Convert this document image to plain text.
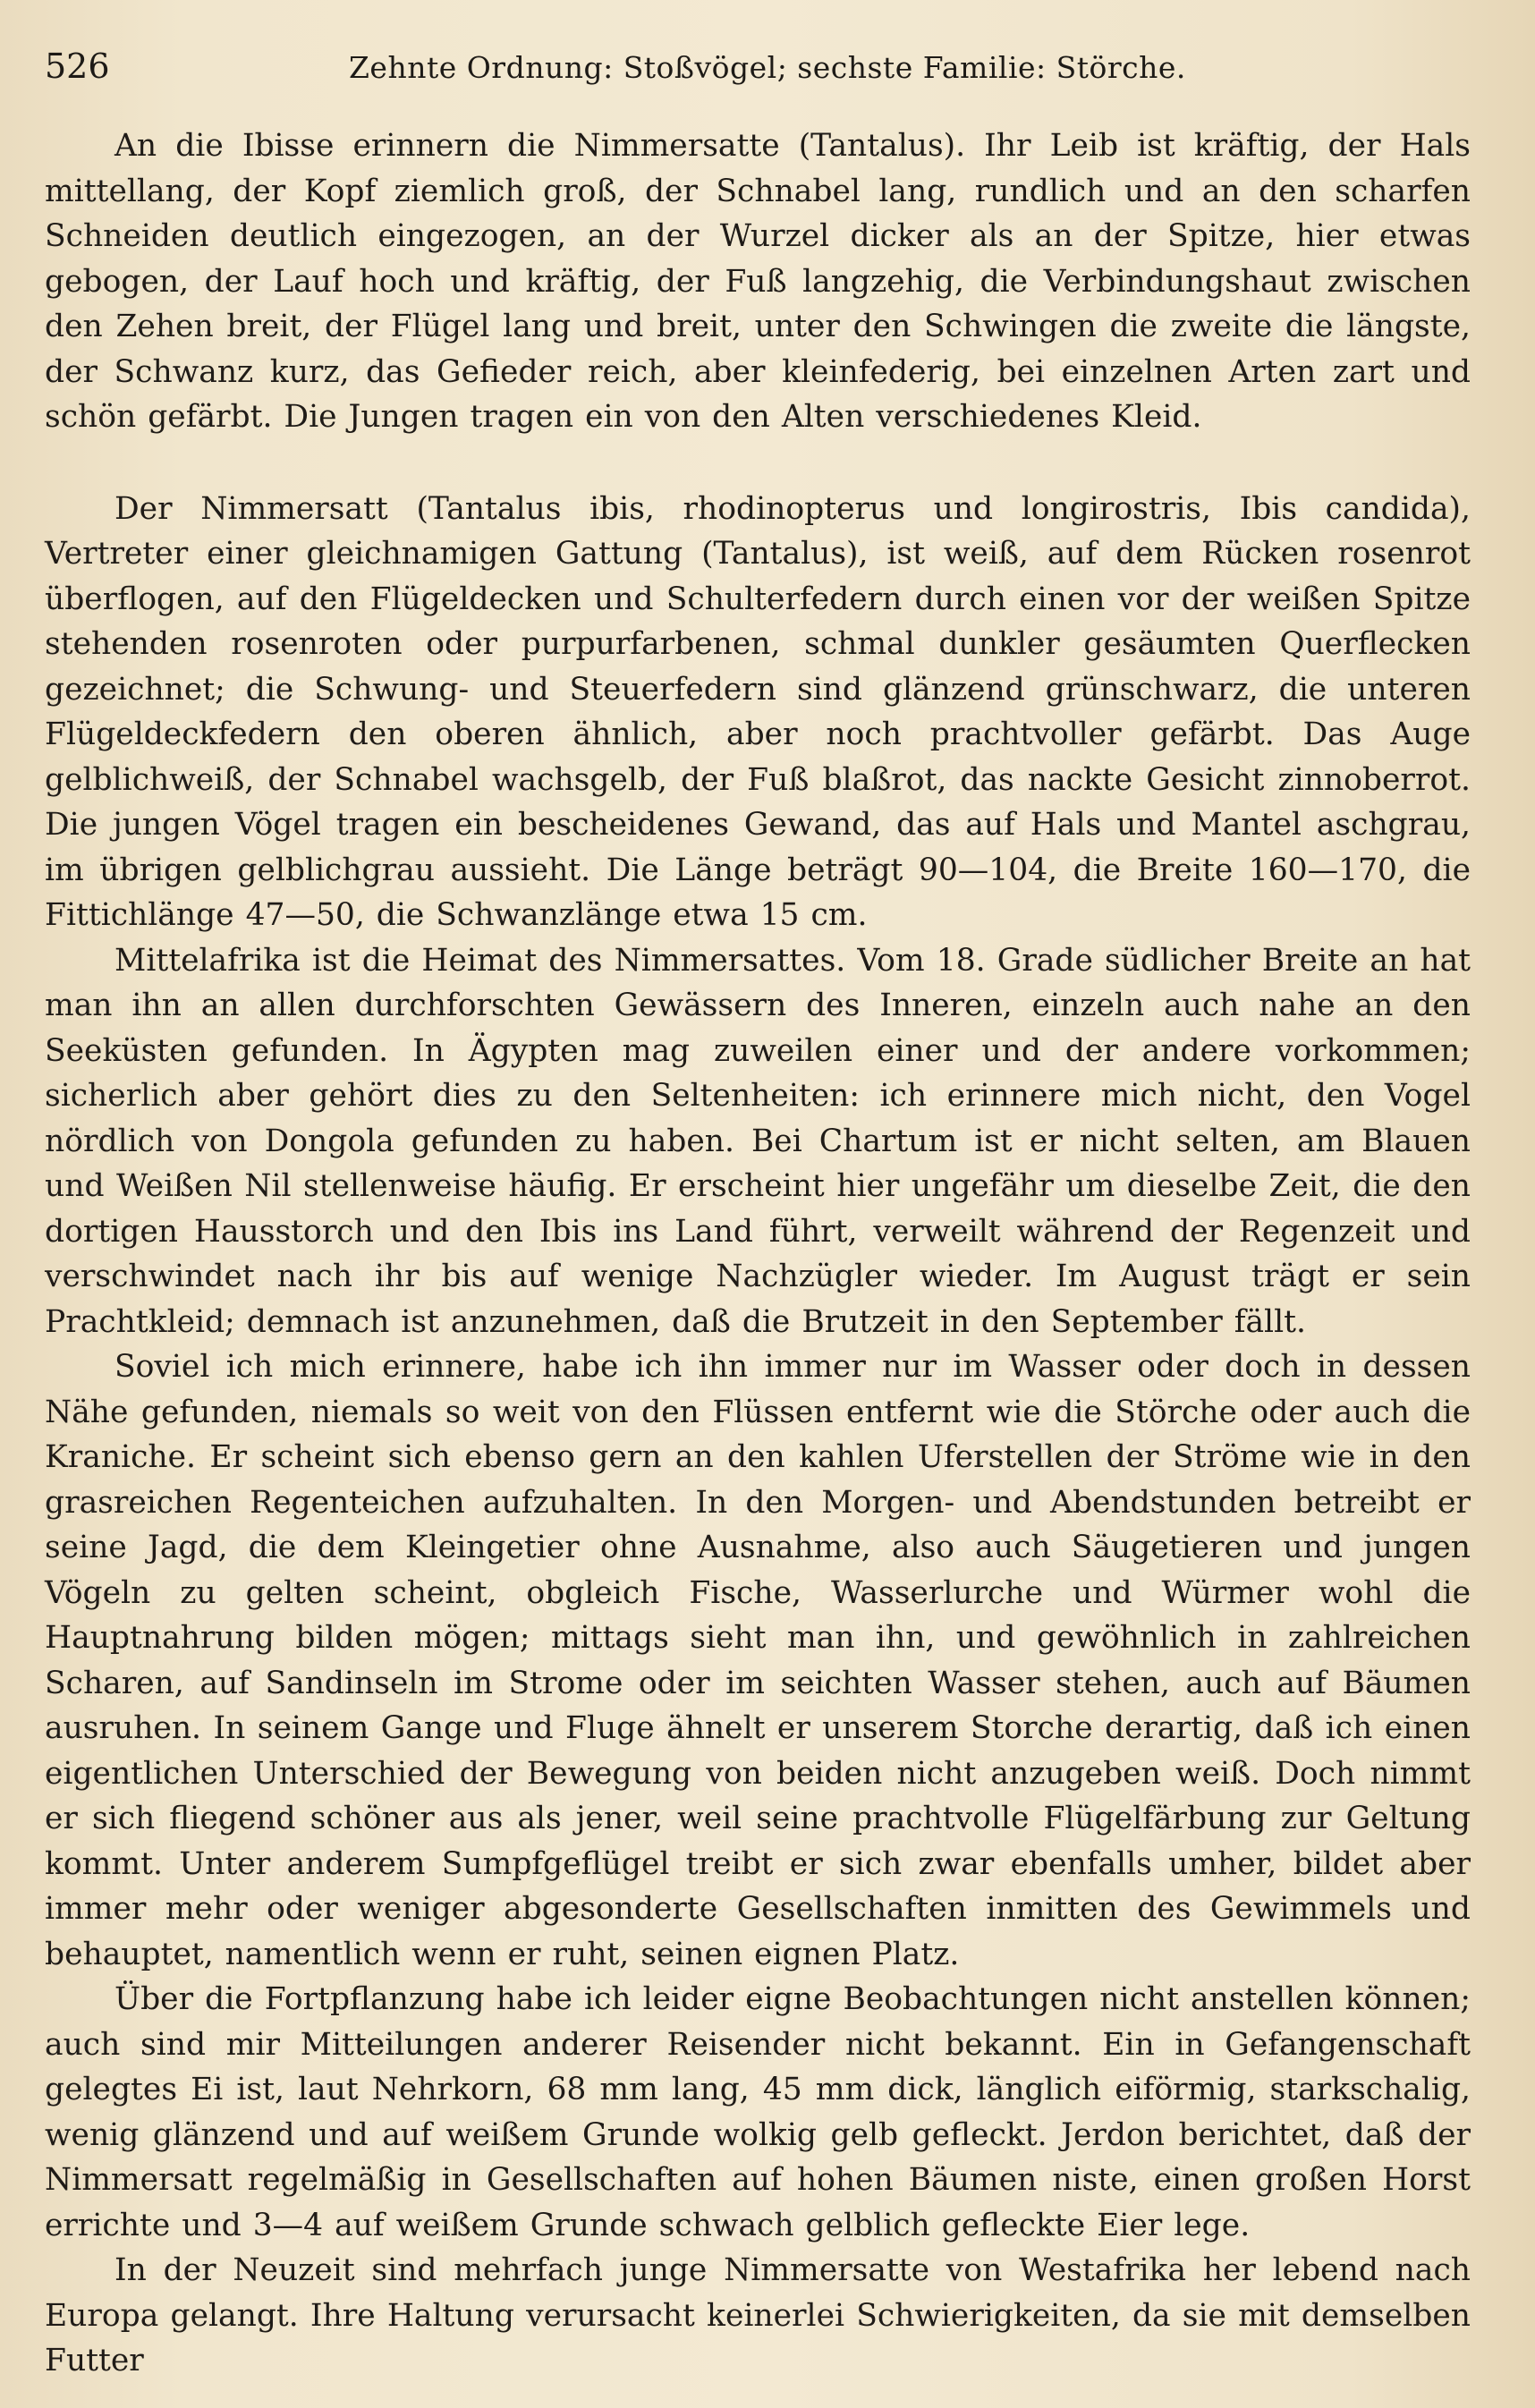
526	Zehnte Ordnung: Stoßvögel; sechste Familie: Störche.

An die Ibisse erinnern die Nimmersatte (Tantalus). Ihr Leib ist kräftig, der Hals mittellang, der Kopf ziemlich groß, der Schnabel lang, rundlich und an den scharfen Schneiden deutlich eingezogen, an der Wurzel dicker als an der Spitze, hier etwas gebogen, der Lauf hoch und kräftig, der Fuß langzehig, die Verbindungshaut zwischen den Zehen breit, der Flügel lang und breit, unter den Schwingen die zweite die längste, der Schwanz kurz, das Gefieder reich, aber kleinfederig, bei einzelnen Arten zart und schön gefärbt. Die Jungen tragen ein von den Alten verschiedenes Kleid.

Der Nimmersatt (Tantalus ibis, rhodinopterus und longirostris, Ibis candida), Vertreter einer gleichnamigen Gattung (Tantalus), ist weiß, auf dem Rücken rosenrot überflogen, auf den Flügeldecken und Schulterfedern durch einen vor der weißen Spitze stehenden rosenroten oder purpurfarbenen, schmal dunkler gesäumten Querflecken gezeichnet; die Schwung- und Steuerfedern sind glänzend grünschwarz, die unteren Flügeldeckfedern den oberen ähnlich, aber noch prachtvoller gefärbt. Das Auge gelblichweiß, der Schnabel wachsgelb, der Fuß blaßrot, das nackte Gesicht zinnoberrot. Die jungen Vögel tragen ein bescheidenes Gewand, das auf Hals und Mantel aschgrau, im übrigen gelblichgrau aussieht. Die Länge beträgt 90—104, die Breite 160—170, die Fittichlänge 47—50, die Schwanzlänge etwa 15 cm.

Mittelafrika ist die Heimat des Nimmersattes. Vom 18. Grade südlicher Breite an hat man ihn an allen durchforschten Gewässern des Inneren, einzeln auch nahe an den Seeküsten gefunden. In Ägypten mag zuweilen einer und der andere vorkommen; sicherlich aber gehört dies zu den Seltenheiten: ich erinnere mich nicht, den Vogel nördlich von Dongola gefunden zu haben. Bei Chartum ist er nicht selten, am Blauen und Weißen Nil stellenweise häufig. Er erscheint hier ungefähr um dieselbe Zeit, die den dortigen Hausstorch und den Ibis ins Land führt, verweilt während der Regenzeit und verschwindet nach ihr bis auf wenige Nachzügler wieder. Im August trägt er sein Prachtkleid; demnach ist anzunehmen, daß die Brutzeit in den September fällt.

Soviel ich mich erinnere, habe ich ihn immer nur im Wasser oder doch in dessen Nähe gefunden, niemals so weit von den Flüssen entfernt wie die Störche oder auch die Kraniche. Er scheint sich ebenso gern an den kahlen Uferstellen der Ströme wie in den grasreichen Regenteichen aufzuhalten. In den Morgen- und Abendstunden betreibt er seine Jagd, die dem Kleingetier ohne Ausnahme, also auch Säugetieren und jungen Vögeln zu gelten scheint, obgleich Fische, Wasserlurche und Würmer wohl die Hauptnahrung bilden mögen; mittags sieht man ihn, und gewöhnlich in zahlreichen Scharen, auf Sandinseln im Strome oder im seichten Wasser stehen, auch auf Bäumen ausruhen. In seinem Gange und Fluge ähnelt er unserem Storche derartig, daß ich einen eigentlichen Unterschied der Bewegung von beiden nicht anzugeben weiß. Doch nimmt er sich fliegend schöner aus als jener, weil seine prachtvolle Flügelfärbung zur Geltung kommt. Unter anderem Sumpfgeflügel treibt er sich zwar ebenfalls umher, bildet aber immer mehr oder weniger abgesonderte Gesellschaften inmitten des Gewimmels und behauptet, namentlich wenn er ruht, seinen eignen Platz.

Über die Fortpflanzung habe ich leider eigne Beobachtungen nicht anstellen können; auch sind mir Mitteilungen anderer Reisender nicht bekannt. Ein in Gefangenschaft gelegtes Ei ist, laut Nehrkorn, 68 mm lang, 45 mm dick, länglich eiförmig, starkschalig, wenig glänzend und auf weißem Grunde wolkig gelb gefleckt. Jerdon berichtet, daß der Nimmersatt regelmäßig in Gesellschaften auf hohen Bäumen niste, einen großen Horst errichte und 3—4 auf weißem Grunde schwach gelblich gefleckte Eier lege.

In der Neuzeit sind mehrfach junge Nimmersatte von Westafrika her lebend nach Europa gelangt. Ihre Haltung verursacht keinerlei Schwierigkeiten, da sie mit demselben Futter
